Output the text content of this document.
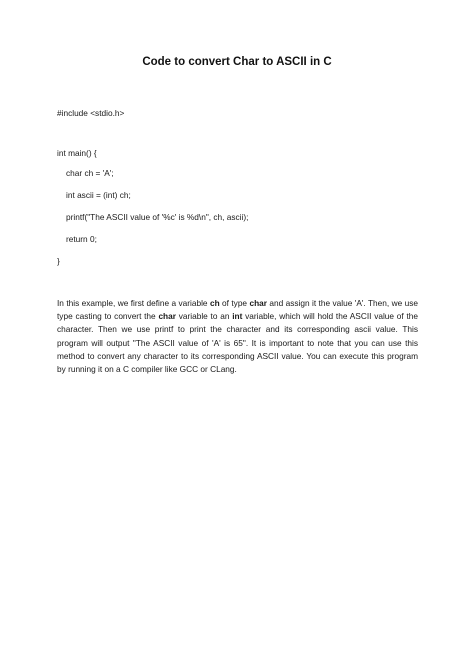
Code to convert Char to ASCII in C
#include <stdio.h>
int main() {
char ch = 'A';
int ascii = (int) ch;
printf("The ASCII value of '%c' is %d\n", ch, ascii);
return 0;
}
In this example, we first define a variable ch of type char and assign it the value 'A'. Then, we use type casting to convert the char variable to an int variable, which will hold the ASCII value of the character. Then we use printf to print the character and its corresponding ascii value. This program will output "The ASCII value of 'A' is 65". It is important to note that you can use this method to convert any character to its corresponding ASCII value. You can execute this program by running it on a C compiler like GCC or CLang.
